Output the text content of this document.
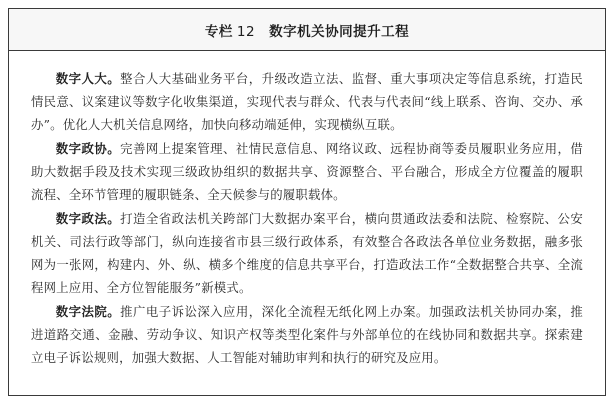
专栏 12 数字机关协同提升工程

数字人大。整合人大基础业务平台，升级改造立法、监督、重大事项决定等信息系统，打造民情民意、议案建议等数字化收集渠道，实现代表与群众、代表与代表间“线上联系、咨询、交办、承办”。优化人大机关信息网络，加快向移动端延伸，实现横纵互联。

数字政协。完善网上提案管理、社情民意信息、网络议政、远程协商等委员履职业务应用，借助大数据手段及技术实现三级政协组织的数据共享、资源整合、平台融合，形成全方位覆盖的履职流程、全环节管理的履职链条、全天候参与的履职载体。

数字政法。打造全省政法机关跨部门大数据办案平台，横向贯通政法委和法院、检察院、公安机关、司法行政等部门，纵向连接省市县三级行政体系，有效整合各政法各单位业务数据，融多张网为一张网，构建内、外、纵、横多个维度的信息共享平台，打造政法工作“全数据整合共享、全流程网上应用、全方位智能服务”新模式。

数字法院。推广电子诉讼深入应用，深化全流程无纸化网上办案。加强政法机关协同办案，推进道路交通、金融、劳动争议、知识产权等类型化案件与外部单位的在线协同和数据共享。探索建立电子诉讼规则，加强大数据、人工智能对辅助审判和执行的研究及应用。
